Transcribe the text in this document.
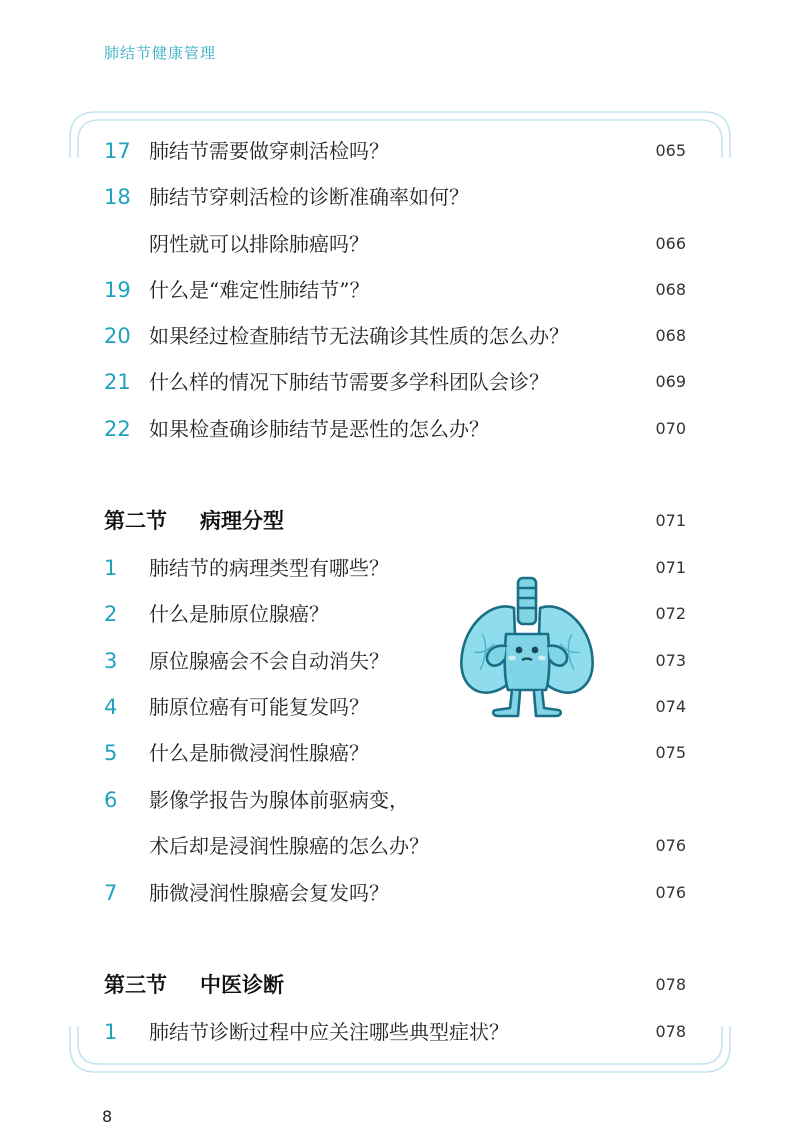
肺结节健康管理
17 肺结节需要做穿刺活检吗？	065
18 肺结节穿刺活检的诊断准确率如何？
阴性就可以排除肺癌吗？	066
19 什么是“难定性肺结节”？	068
20 如果经过检查肺结节无法确诊其性质的怎么办？	068
21 什么样的情况下肺结节需要多学科团队会诊？	069
22 如果检查确诊肺结节是恶性的怎么办？	070
第二节 病理分型	071
1 肺结节的病理类型有哪些？	071
2 什么是肺原位腺癌？	072
3 原位腺癌会不会自动消失？	073
4 肺原位癌有可能复发吗？	074
5 什么是肺微浸润性腺癌？	075
6 影像学报告为腺体前驱病变，
术后却是浸润性腺癌的怎么办？	076
7 肺微浸润性腺癌会复发吗？	076
第三节 中医诊断	078
1 肺结节诊断过程中应关注哪些典型症状？	078
8
